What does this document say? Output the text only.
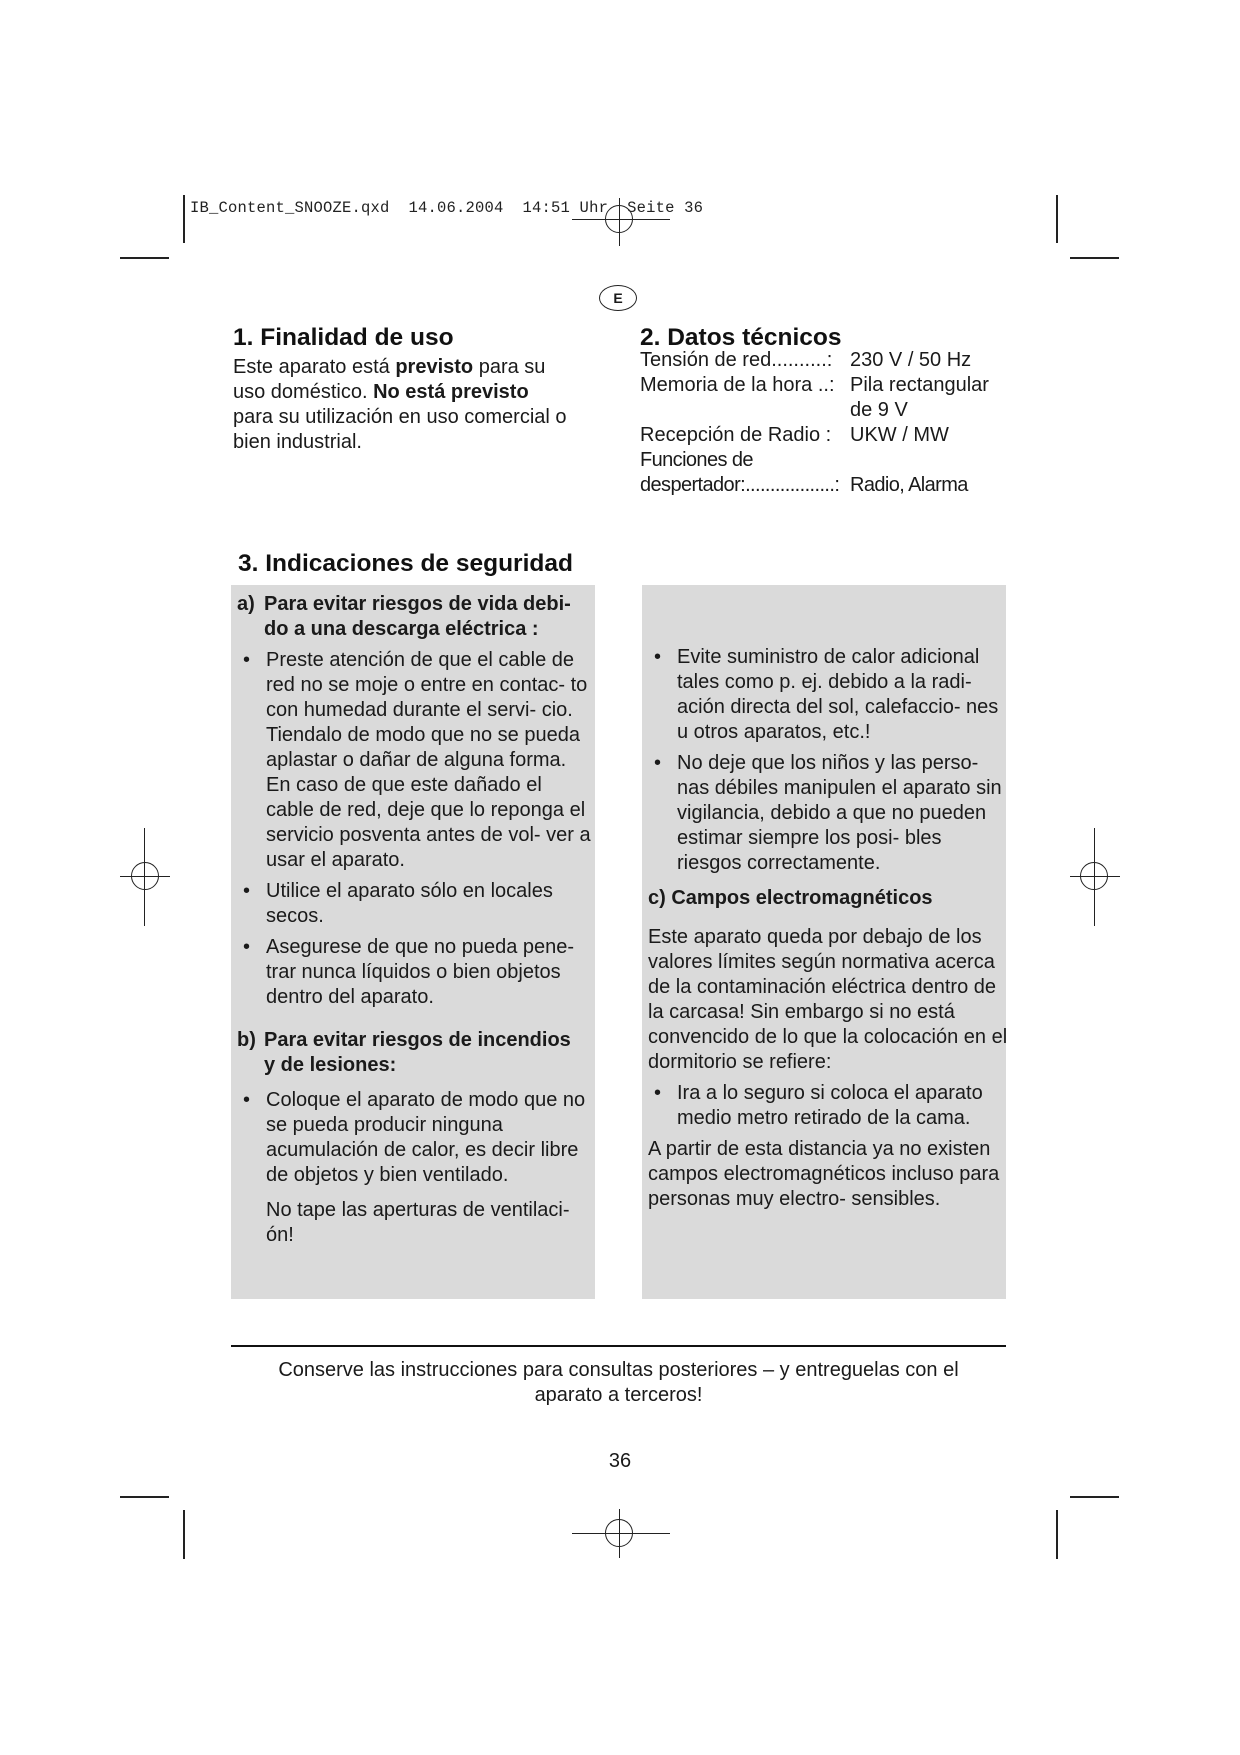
IB_Content_SNOOZE.qxd  14.06.2004  14:51 Uhr  Seite 36
E
1. Finalidad de uso
Este aparato está previsto para su
uso doméstico. No está previsto
para su utilización en uso comercial o
bien industrial.
2. Datos técnicos
Tensión de red..........: 230 V / 50 Hz
Memoria de la hora ..: Pila rectangular
de 9 V
Recepción de Radio : UKW / MW
Funciones de
despertador:..................: Radio, Alarma
3. Indicaciones de seguridad
a) Para evitar riesgos de vida debi-
do a una descarga eléctrica :
• Preste atención de que el cable de red no se moje o entre en contac- to con humedad durante el servi- cio. Tiendalo de modo que no se pueda aplastar o dañar de alguna forma.
En caso de que este dañado el cable de red, deje que lo reponga el servicio posventa antes de vol- ver a usar el aparato.
• Utilice el aparato sólo en locales secos.
• Asegurese de que no pueda pene- trar nunca líquidos o bien objetos dentro del aparato.
b) Para evitar riesgos de incendios
y de lesiones:
• Coloque el aparato de modo que no se pueda producir ninguna acumulación de calor, es decir libre de objetos y bien ventilado.
No tape las aperturas de ventilaci- ón!
• Evite suministro de calor adicional tales como p. ej. debido a la radi- ación directa del sol, calefaccio- nes u otros aparatos, etc.!
• No deje que los niños y las perso- nas débiles manipulen el aparato sin vigilancia, debido a que no pueden estimar siempre los posi- bles riesgos correctamente.
c) Campos electromagnéticos
Este aparato queda por debajo de los valores límites según normativa acerca de la contaminación eléctrica dentro de la carcasa! Sin embargo si no está convencido de lo que la colocación en el dormitorio se refiere:
• Ira a lo seguro si coloca el aparato medio metro retirado de la cama.
A partir de esta distancia ya no existen campos electromagnéticos incluso para personas muy electro- sensibles.
Conserve las instrucciones para consultas posteriores – y entreguelas con el
aparato a terceros!
36
